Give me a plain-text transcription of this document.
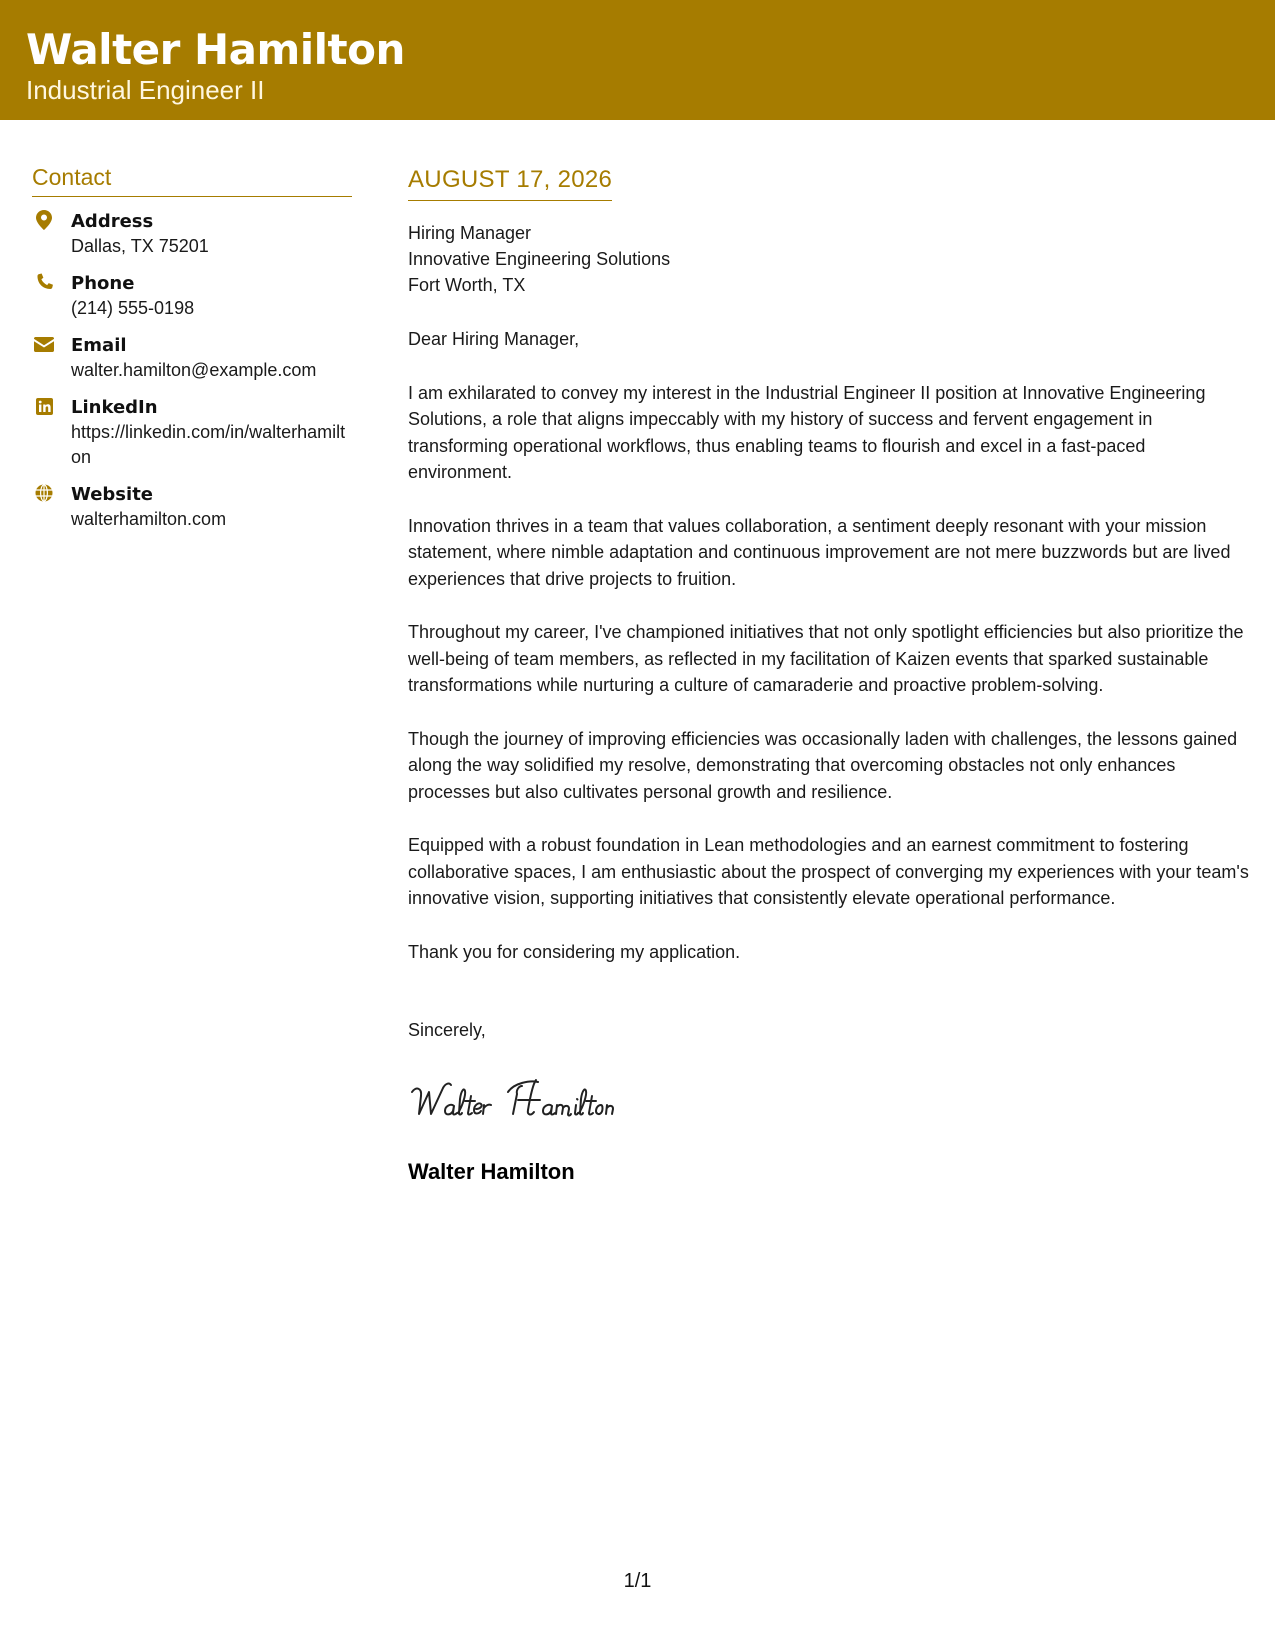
Walter Hamilton
Industrial Engineer II
Contact
Address
Dallas, TX 75201
Phone
(214) 555-0198
Email
walter.hamilton@example.com
LinkedIn
https://linkedin.com/in/walterhamilton
Website
walterhamilton.com
AUGUST 17, 2026
Hiring Manager
Innovative Engineering Solutions
Fort Worth, TX
Dear Hiring Manager,
I am exhilarated to convey my interest in the Industrial Engineer II position at Innovative Engineering Solutions, a role that aligns impeccably with my history of success and fervent engagement in transforming operational workflows, thus enabling teams to flourish and excel in a fast-paced environment.
Innovation thrives in a team that values collaboration, a sentiment deeply resonant with your mission statement, where nimble adaptation and continuous improvement are not mere buzzwords but are lived experiences that drive projects to fruition.
Throughout my career, I've championed initiatives that not only spotlight efficiencies but also prioritize the well-being of team members, as reflected in my facilitation of Kaizen events that sparked sustainable transformations while nurturing a culture of camaraderie and proactive problem-solving.
Though the journey of improving efficiencies was occasionally laden with challenges, the lessons gained along the way solidified my resolve, demonstrating that overcoming obstacles not only enhances processes but also cultivates personal growth and resilience.
Equipped with a robust foundation in Lean methodologies and an earnest commitment to fostering collaborative spaces, I am enthusiastic about the prospect of converging my experiences with your team's innovative vision, supporting initiatives that consistently elevate operational performance.
Thank you for considering my application.
Sincerely,
Walter Hamilton
1/1
